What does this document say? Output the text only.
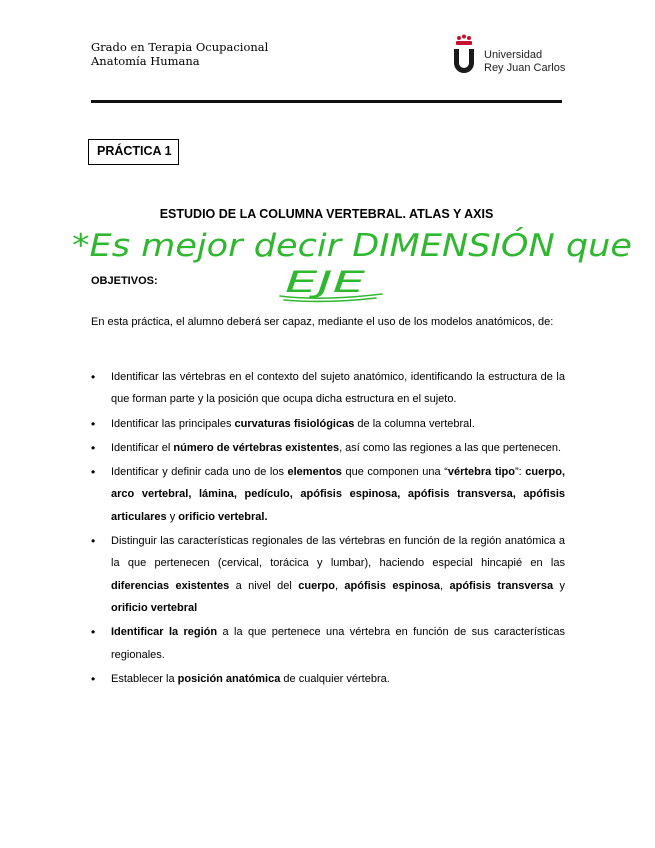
Grado en Terapia Ocupacional
Anatomía Humana	Universidad
Rey Juan Carlos
PRÁCTICA 1
ESTUDIO DE LA COLUMNA VERTEBRAL. ATLAS Y AXIS
*Es mejor decir DIMENSIÓN que
EJE
OBJETIVOS:
En esta práctica, el alumno deberá ser capaz, mediante el uso de los modelos anatómicos, de:
• Identificar las vértebras en el contexto del sujeto anatómico, identificando la estructura de la que forman parte y la posición que ocupa dicha estructura en el sujeto.
• Identificar las principales curvaturas fisiológicas de la columna vertebral.
• Identificar el número de vértebras existentes, así como las regiones a las que pertenecen.
• Identificar y definir cada uno de los elementos que componen una “vértebra tipo”: cuerpo, arco vertebral, lámina, pedículo, apófisis espinosa, apófisis transversa, apófisis articulares y orificio vertebral.
• Distinguir las características regionales de las vértebras en función de la región anatómica a la que pertenecen (cervical, torácica y lumbar), haciendo especial hincapié en las diferencias existentes a nivel del cuerpo, apófisis espinosa, apófisis transversa y orificio vertebral
• Identificar la región a la que pertenece una vértebra en función de sus características regionales.
• Establecer la posición anatómica de cualquier vértebra.
